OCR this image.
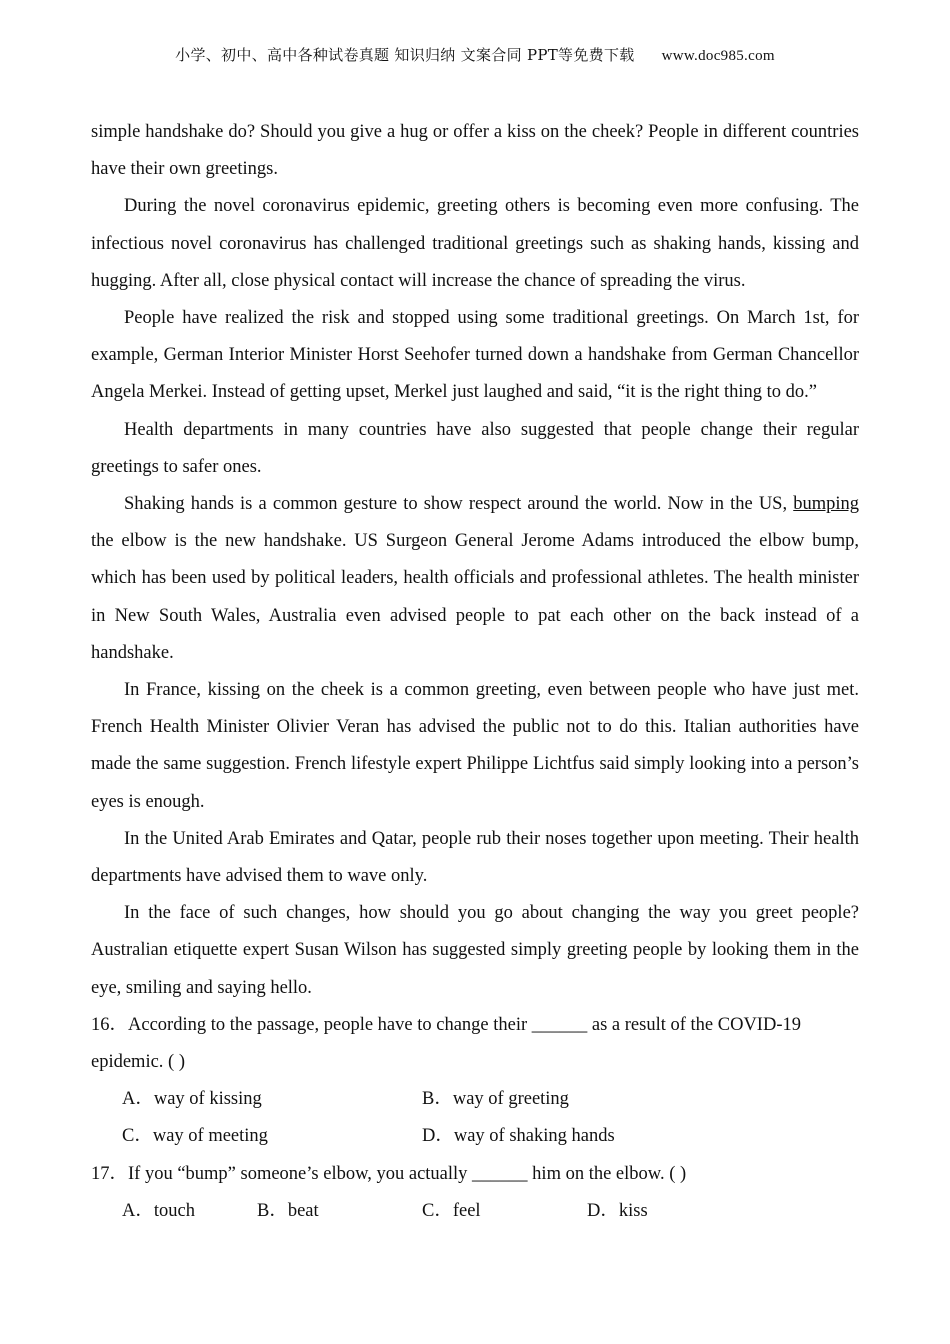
小学、初中、高中各种试卷真题 知识归纳 文案合同 PPT等免费下载 www.doc985.com

simple handshake do? Should you give a hug or offer a kiss on the cheek? People in different countries have their own greetings.

During the novel coronavirus epidemic, greeting others is becoming even more confusing. The infectious novel coronavirus has challenged traditional greetings such as shaking hands, kissing and hugging. After all, close physical contact will increase the chance of spreading the virus.

People have realized the risk and stopped using some traditional greetings. On March 1st, for example, German Interior Minister Horst Seehofer turned down a handshake from German Chancellor Angela Merkei. Instead of getting upset, Merkel just laughed and said, “it is the right thing to do.”

Health departments in many countries have also suggested that people change their regular greetings to safer ones.

Shaking hands is a common gesture to show respect around the world. Now in the US, bumping the elbow is the new handshake. US Surgeon General Jerome Adams introduced the elbow bump, which has been used by political leaders, health officials and professional athletes. The health minister in New South Wales, Australia even advised people to pat each other on the back instead of a handshake.

In France, kissing on the cheek is a common greeting, even between people who have just met. French Health Minister Olivier Veran has advised the public not to do this. Italian authorities have made the same suggestion. French lifestyle expert Philippe Lichtfus said simply looking into a person’s eyes is enough.

In the United Arab Emirates and Qatar, people rub their noses together upon meeting. Their health departments have advised them to wave only.

In the face of such changes, how should you go about changing the way you greet people? Australian etiquette expert Susan Wilson has suggested simply greeting people by looking them in the eye, smiling and saying hello.

16．According to the passage, people have to change their ______ as a result of the COVID-19 epidemic. ( )

A．way of kissing	B．way of greeting
C．way of meeting	D．way of shaking hands

17．If you “bump” someone’s elbow, you actually ______ him on the elbow. ( )

A．touch	B．beat	C．feel	D．kiss
